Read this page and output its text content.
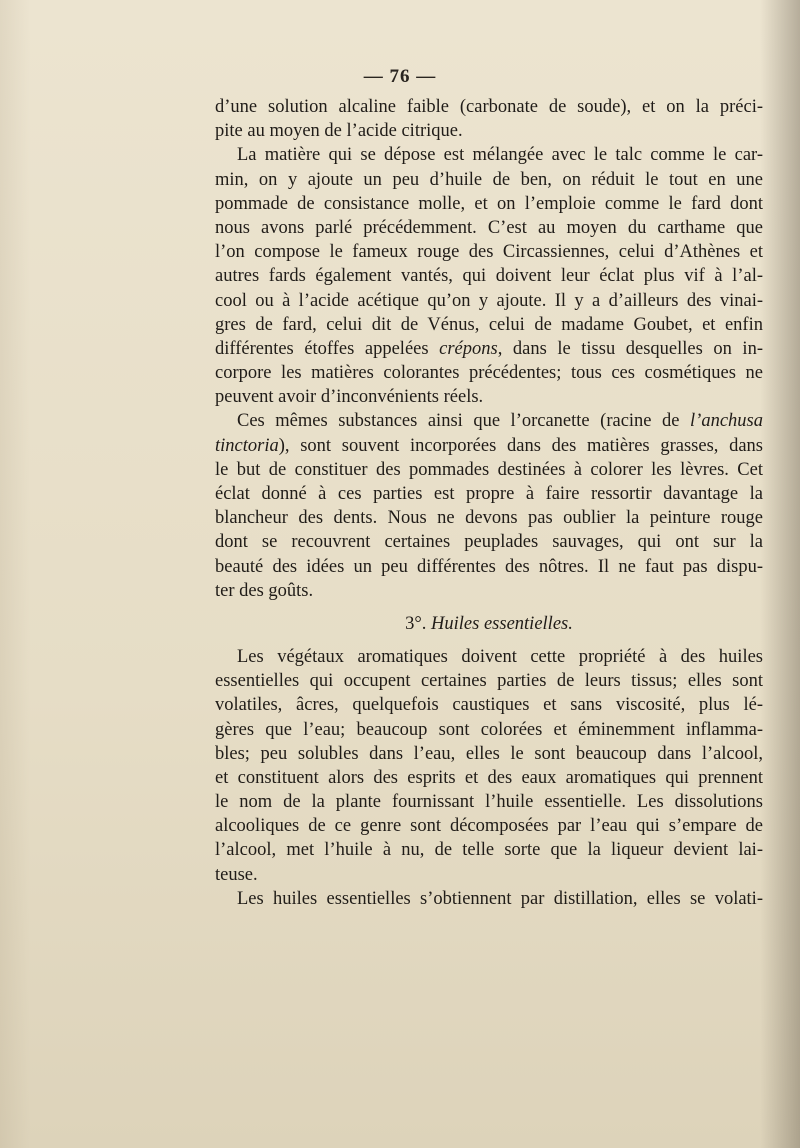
— 76 —
d’une solution alcaline faible (carbonate de soude), et on la préci-
pite au moyen de l’acide citrique.
La matière qui se dépose est mélangée avec le talc comme le car-
min, on y ajoute un peu d’huile de ben, on réduit le tout en une
pommade de consistance molle, et on l’emploie comme le fard dont
nous avons parlé précédemment. C’est au moyen du carthame que
l’on compose le fameux rouge des Circassiennes, celui d’Athènes et
autres fards également vantés, qui doivent leur éclat plus vif à l’al-
cool ou à l’acide acétique qu’on y ajoute. Il y a d’ailleurs des vinai-
gres de fard, celui dit de Vénus, celui de madame Goubet, et enfin
différentes étoffes appelées crépons, dans le tissu desquelles on in-
corpore les matières colorantes précédentes; tous ces cosmétiques ne
peuvent avoir d’inconvénients réels.
Ces mêmes substances ainsi que l’orcanette (racine de l’anchusa
tinctoria), sont souvent incorporées dans des matières grasses, dans
le but de constituer des pommades destinées à colorer les lèvres. Cet
éclat donné à ces parties est propre à faire ressortir davantage la
blancheur des dents. Nous ne devons pas oublier la peinture rouge
dont se recouvrent certaines peuplades sauvages, qui ont sur la
beauté des idées un peu différentes des nôtres. Il ne faut pas dispu-
ter des goûts.
3°. Huiles essentielles.
Les végétaux aromatiques doivent cette propriété à des huiles
essentielles qui occupent certaines parties de leurs tissus; elles sont
volatiles, âcres, quelquefois caustiques et sans viscosité, plus lé-
gères que l’eau; beaucoup sont colorées et éminemment inflamma-
bles; peu solubles dans l’eau, elles le sont beaucoup dans l’alcool,
et constituent alors des esprits et des eaux aromatiques qui prennent
le nom de la plante fournissant l’huile essentielle. Les dissolutions
alcooliques de ce genre sont décomposées par l’eau qui s’empare de
l’alcool, met l’huile à nu, de telle sorte que la liqueur devient lai-
teuse.
Les huiles essentielles s’obtiennent par distillation, elles se volati-
